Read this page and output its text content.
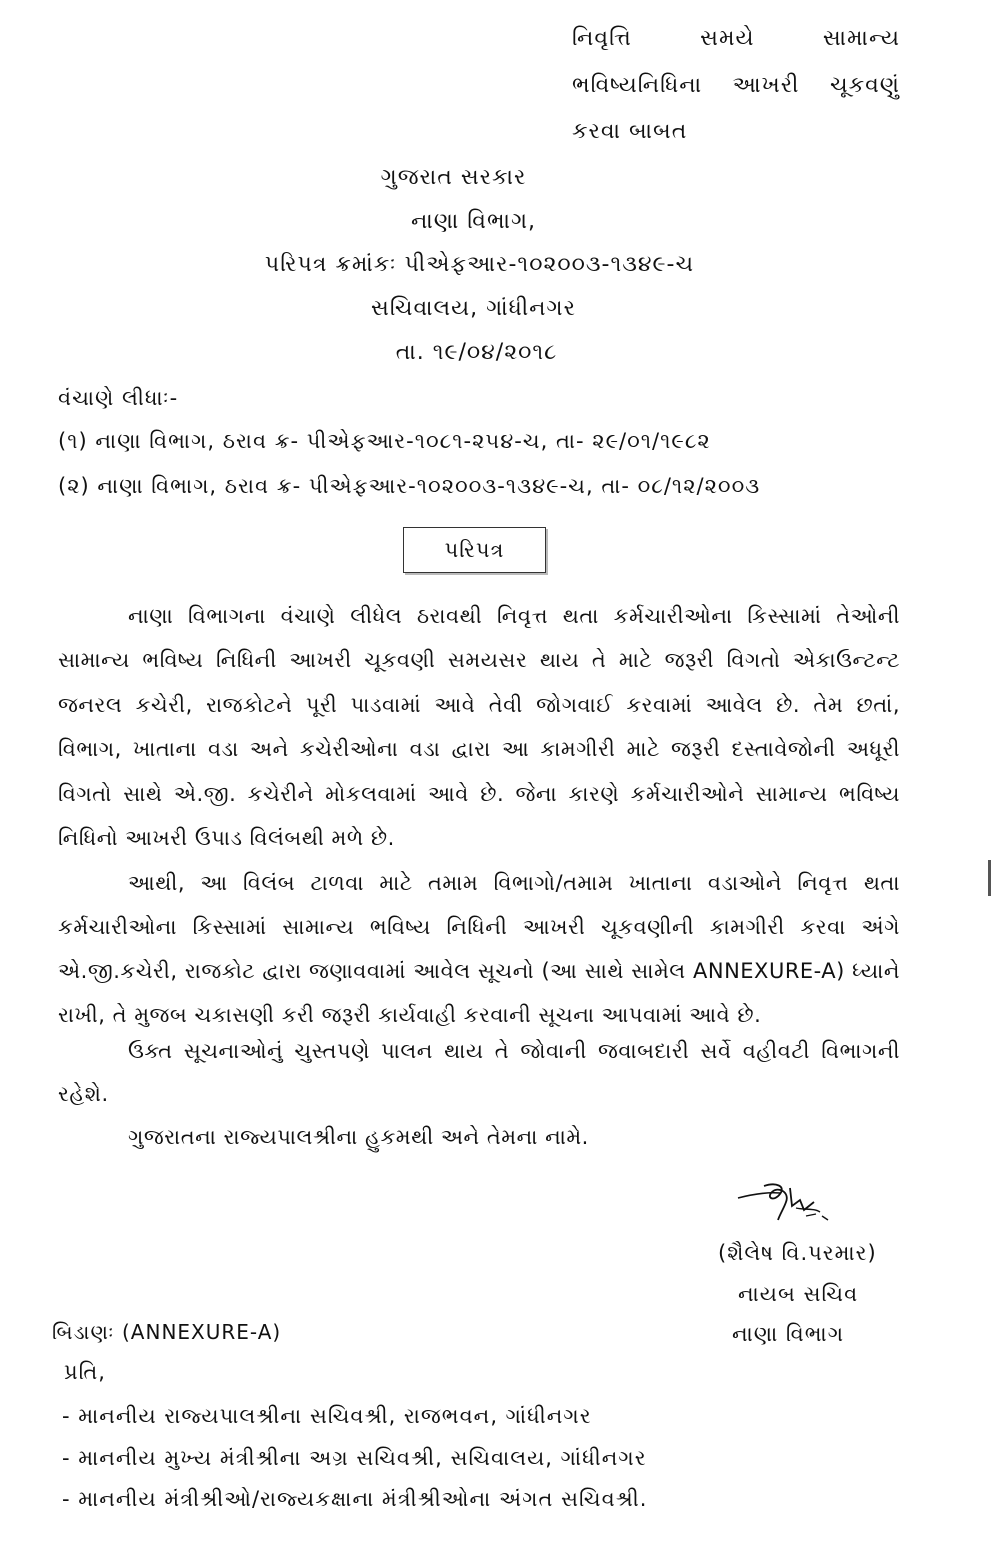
નિવૃત્તિ સમયે સામાન્ય
ભવિષ્યનિધિના આખરી ચૂકવણું
કરવા બાબત
ગુજરાત સરકાર
નાણા વિભાગ,
પરિપત્ર ક્રમાંકઃ પીએફઆર-૧૦૨૦૦૩-૧૩૪૯-ચ
સચિવાલય, ગાંધીનગર
તા. ૧૯/૦૪/૨૦૧૮
વંચાણે લીધાઃ-
(૧) નાણા વિભાગ, ઠરાવ ક્ર- પીએફઆર-૧૦૮૧-૨૫૪-ચ, તા- ૨૯/૦૧/૧૯૮૨
(૨) નાણા વિભાગ, ઠરાવ ક્ર- પીએફઆર-૧૦૨૦૦૩-૧૩૪૯-ચ, તા- ૦૮/૧૨/૨૦૦૩
પરિપત્ર
નાણા વિભાગના વંચાણે લીધેલ ઠરાવથી નિવૃત્ત થતા કર્મચારીઓના કિસ્સામાં તેઓની
સામાન્ય ભવિષ્ય નિધિની આખરી ચૂકવણી સમયસર થાય તે માટે જરૂરી વિગતો એકાઉન્ટન્ટ
જનરલ કચેરી, રાજકોટને પૂરી પાડવામાં આવે તેવી જોગવાઈ કરવામાં આવેલ છે. તેમ છતાં,
વિભાગ, ખાતાના વડા અને કચેરીઓના વડા દ્વારા આ કામગીરી માટે જરૂરી દસ્તાવેજોની અધૂરી
વિગતો સાથે એ.જી. કચેરીને મોકલવામાં આવે છે. જેના કારણે કર્મચારીઓને સામાન્ય ભવિષ્ય
નિધિનો આખરી ઉપાડ વિલંબથી મળે છે.
આથી, આ વિલંબ ટાળવા માટે તમામ વિભાગો/તમામ ખાતાના વડાઓને નિવૃત્ત થતા
કર્મચારીઓના કિસ્સામાં સામાન્ય ભવિષ્ય નિધિની આખરી ચૂકવણીની કામગીરી કરવા અંગે
એ.જી.કચેરી, રાજકોટ દ્વારા જણાવવામાં આવેલ સૂચનો (આ સાથે સામેલ ANNEXURE-A) ધ્યાને
રાખી, તે મુજબ ચકાસણી કરી જરૂરી કાર્યવાહી કરવાની સૂચના આપવામાં આવે છે.
ઉક્ત સૂચનાઓનું ચુસ્તપણે પાલન થાય તે જોવાની જવાબદારી સર્વે વહીવટી વિભાગની
રહેશે.
ગુજરાતના રાજ્યપાલશ્રીના હુકમથી અને તેમના નામે.
(શૈલેષ વિ.પરમાર)
નાયબ સચિવ
નાણા વિભાગ
બિડાણઃ (ANNEXURE-A)
પ્રતિ,
- માનનીય રાજ્યપાલશ્રીના સચિવશ્રી, રાજભવન, ગાંધીનગર
- માનનીય મુખ્ય મંત્રીશ્રીના અગ્ર સચિવશ્રી, સચિવાલય, ગાંધીનગર
- માનનીય મંત્રીશ્રીઓ/રાજ્યકક્ષાના મંત્રીશ્રીઓના અંગત સચિવશ્રી.
